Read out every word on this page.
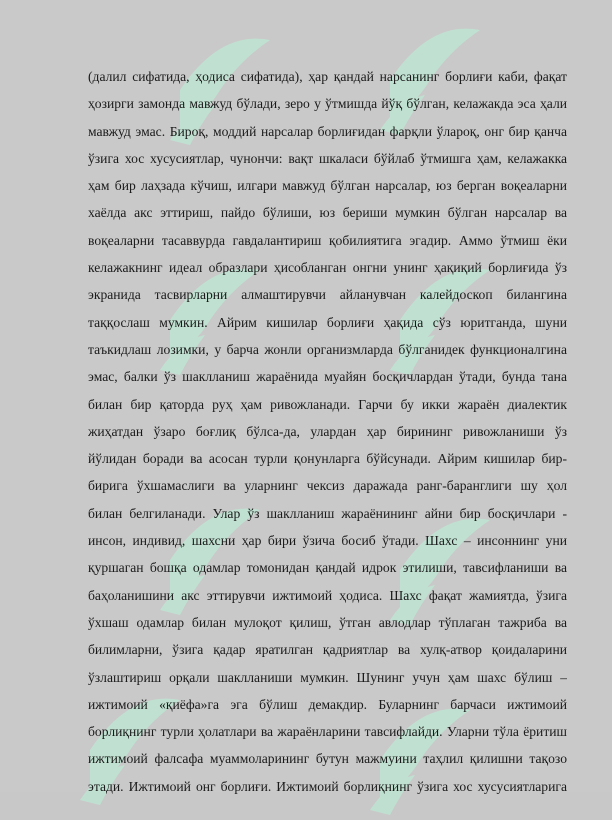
(далил сифатида, ҳодиса сифатида), ҳар қандай нарсанинг борлиғи каби, фақат
ҳозирги замонда мавжуд бўлади, зеро у ўтмишда йўқ бўлган, келажакда эса ҳали
мавжуд эмас. Бироқ, моддий нарсалар борлиғидан фарқли ўлароқ, онг бир қанча
ўзига хос хусусиятлар, чунончи: вақт шкаласи бўйлаб ўтмишга ҳам, келажакка
ҳам бир лаҳзада кўчиш, илгари мавжуд бўлган нарсалар, юз берган воқеаларни
хаёлда акс эттириш, пайдо бўлиши, юз бериши мумкин бўлган нарсалар ва
воқеаларни тасаввурда гавдалантириш қобилиятига эгадир. Аммо ўтмиш ёки
келажакнинг идеал образлари ҳисобланган онгни унинг ҳақиқий борлиғида ўз
экранида тасвирларни алмаштирувчи айланувчан калейдоскоп билангина
таққослаш мумкин. Айрим кишилар борлиғи ҳақида сўз юритганда, шуни
таъкидлаш лозимки, у барча жонли организмларда бўлганидек функционалгина
эмас, балки ўз шаклланиш жараёнида муайян босқичлардан ўтади, бунда тана
билан бир қаторда руҳ ҳам ривожланади. Гарчи бу икки жараён диалектик
жиҳатдан ўзаро боғлиқ бўлса-да, улардан ҳар бирининг ривожланиши ўз
йўлидан боради ва асосан турли қонунларга бўйсунади. Айрим кишилар бир-
бирига ўхшамаслиги ва уларнинг чексиз даражада ранг-баранглиги шу ҳол
билан белгиланади. Улар ўз шаклланиш жараёнининг айни бир босқичлари -
инсон, индивид, шахсни ҳар бири ўзича босиб ўтади. Шахс – инсоннинг уни
қуршаган бошқа одамлар томонидан қандай идрок этилиши, тавсифланиши ва
баҳоланишини акс эттирувчи ижтимоий ҳодиса. Шахс фақат жамиятда, ўзига
ўхшаш одамлар билан мулоқот қилиш, ўтган авлодлар тўплаган тажриба ва
билимларни, ўзига қадар яратилган қадриятлар ва хулқ-атвор қоидаларини
ўзлаштириш орқали шаклланиши мумкин. Шунинг учун ҳам шахс бўлиш –
ижтимоий «қиёфа»га эга бўлиш демакдир. Буларнинг барчаси ижтимоий
борлиқнинг турли ҳолатлари ва жараёнларини тавсифлайди. Уларни тўла ёритиш
ижтимоий фалсафа муаммоларининг бутун мажмуини таҳлил қилишни тақозо
этади. Ижтимоий онг борлиғи. Ижтимоий борлиқнинг ўзига хос хусусиятларига
